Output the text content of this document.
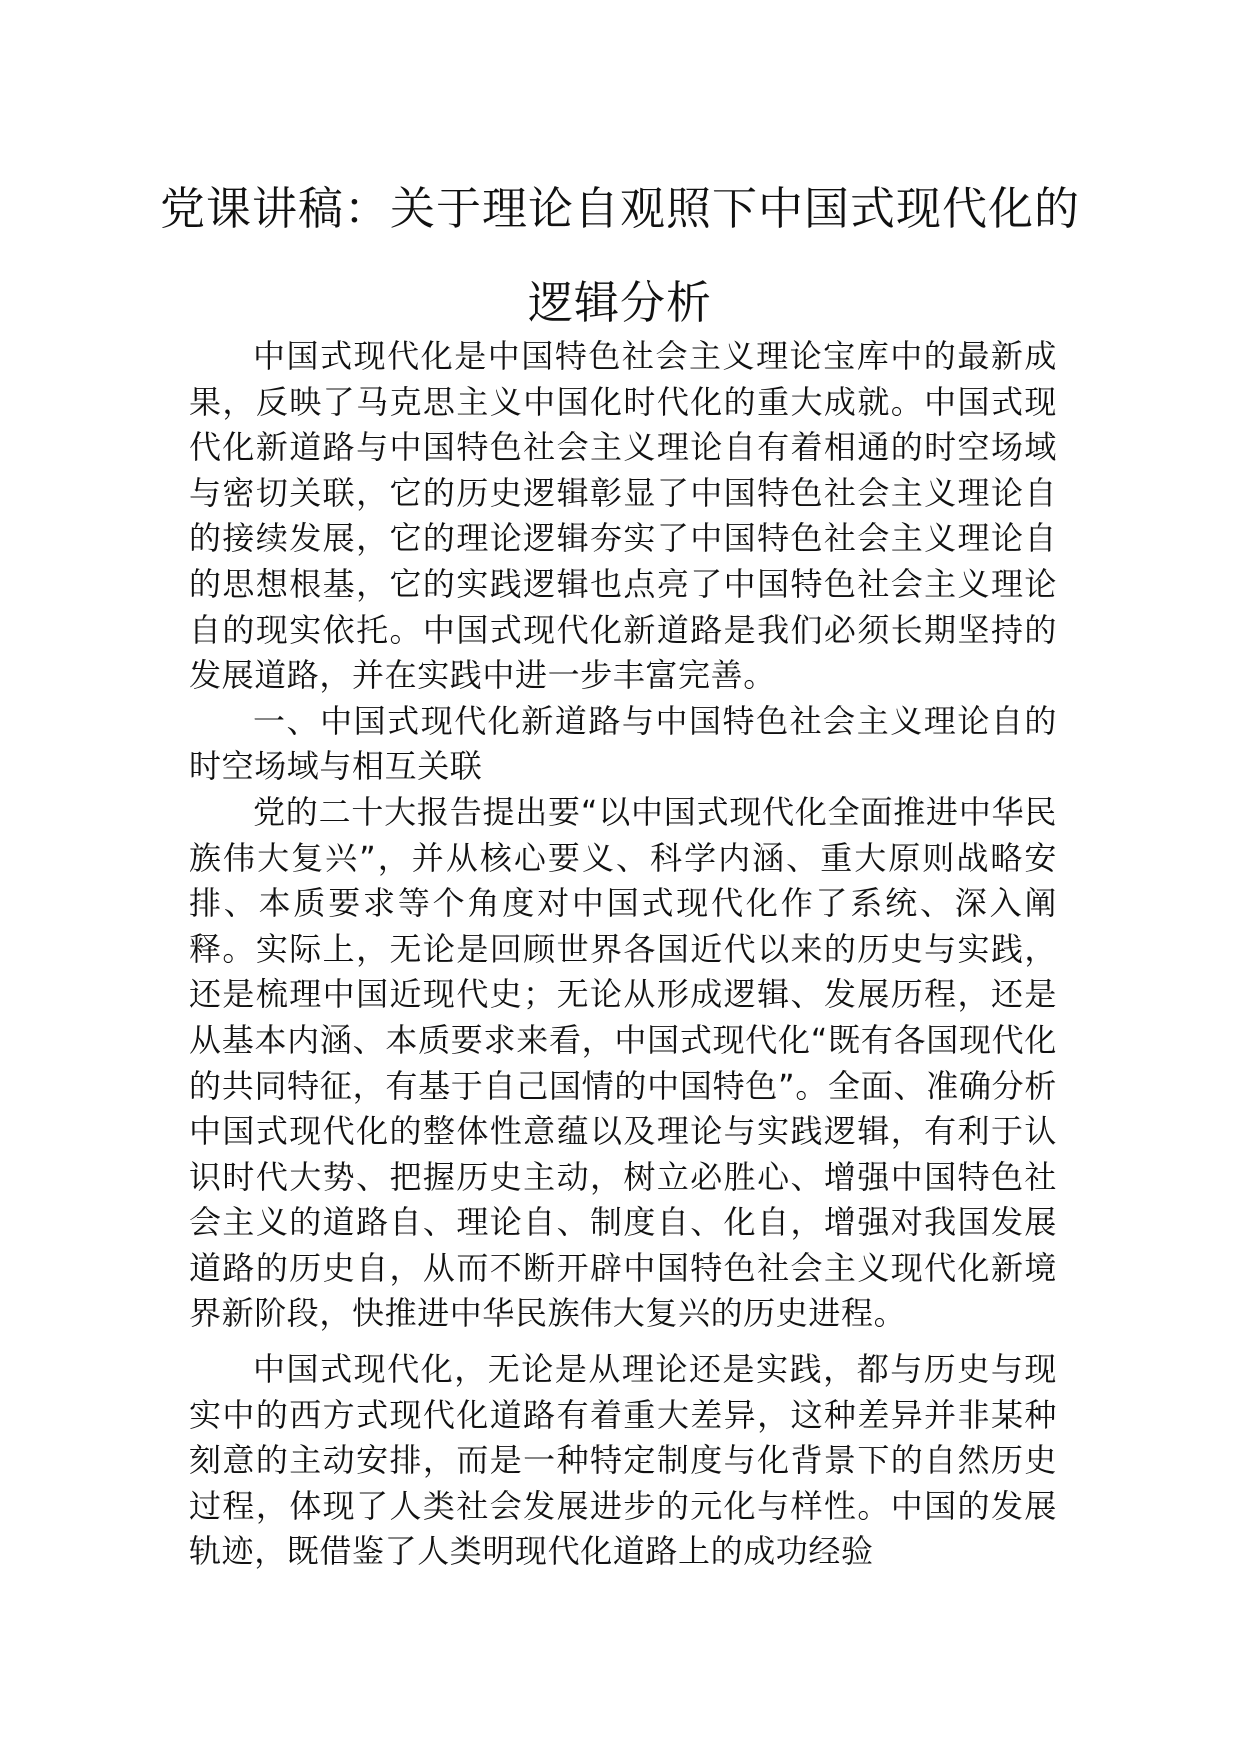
党课讲稿：关于理论自观照下中国式现代化的逻辑分析

中国式现代化是中国特色社会主义理论宝库中的最新成果，反映了马克思主义中国化时代化的重大成就。中国式现代化新道路与中国特色社会主义理论自有着相通的时空场域与密切关联，它的历史逻辑彰显了中国特色社会主义理论自的接续发展，它的理论逻辑夯实了中国特色社会主义理论自的思想根基，它的实践逻辑也点亮了中国特色社会主义理论自的现实依托。中国式现代化新道路是我们必须长期坚持的发展道路，并在实践中进一步丰富完善。

一、中国式现代化新道路与中国特色社会主义理论自的时空场域与相互关联

党的二十大报告提出要“以中国式现代化全面推进中华民族伟大复兴”，并从核心要义、科学内涵、重大原则战略安排、本质要求等个角度对中国式现代化作了系统、深入阐释。实际上，无论是回顾世界各国近代以来的历史与实践，还是梳理中国近现代史；无论从形成逻辑、发展历程，还是从基本内涵、本质要求来看，中国式现代化“既有各国现代化的共同特征，有基于自己国情的中国特色”。全面、准确分析中国式现代化的整体性意蕴以及理论与实践逻辑，有利于认识时代大势、把握历史主动，树立必胜心、增强中国特色社会主义的道路自、理论自、制度自、化自，增强对我国发展道路的历史自，从而不断开辟中国特色社会主义现代化新境界新阶段，快推进中华民族伟大复兴的历史进程。

中国式现代化，无论是从理论还是实践，都与历史与现实中的西方式现代化道路有着重大差异，这种差异并非某种刻意的主动安排，而是一种特定制度与化背景下的自然历史过程，体现了人类社会发展进步的元化与样性。中国的发展轨迹，既借鉴了人类明现代化道路上的成功经验
